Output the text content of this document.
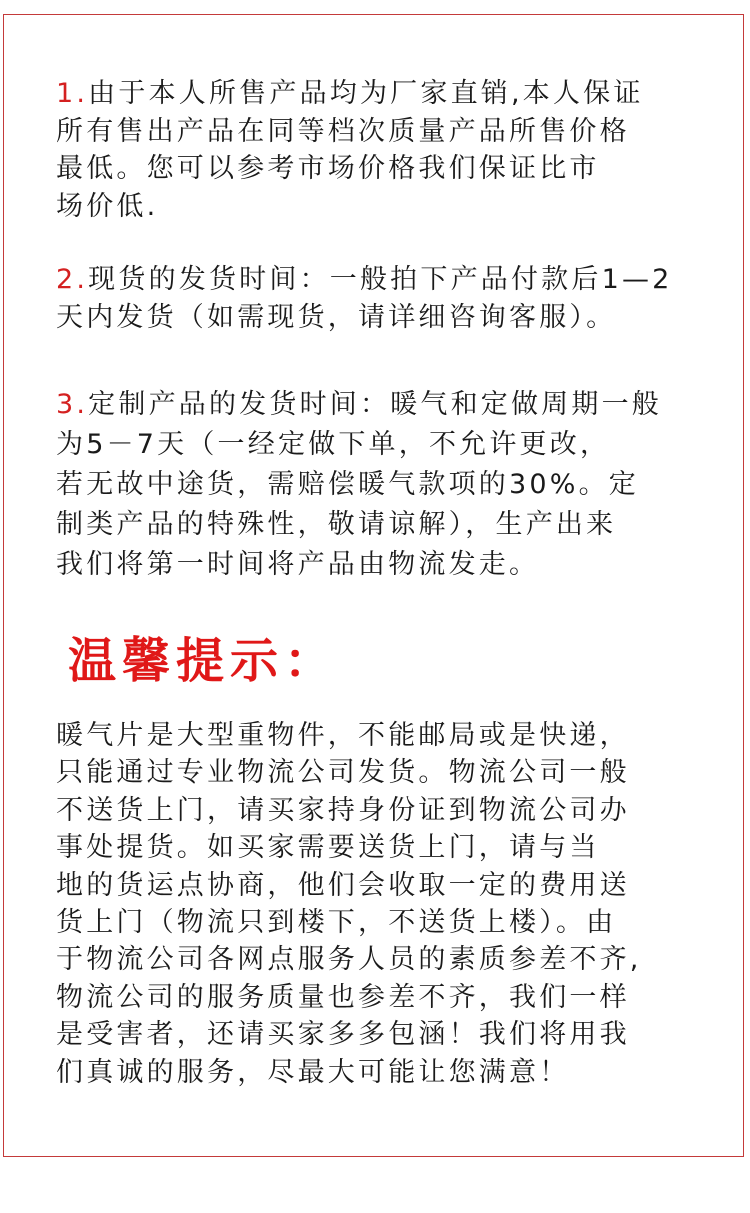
1.由于本人所售产品均为厂家直销,本人保证
所有售出产品在同等档次质量产品所售价格
最低。您可以参考市场价格我们保证比市
场价低.
2.现货的发货时间：一般拍下产品付款后1—2
天内发货（如需现货，请详细咨询客服）。
3.定制产品的发货时间：暖气和定做周期一般
为5－7天（一经定做下单，不允许更改，
若无故中途货，需赔偿暖气款项的30%。定
制类产品的特殊性，敬请谅解），生产出来
我们将第一时间将产品由物流发走。
温馨提示：
暖气片是大型重物件，不能邮局或是快递，
只能通过专业物流公司发货。物流公司一般
不送货上门，请买家持身份证到物流公司办
事处提货。如买家需要送货上门，请与当
地的货运点协商，他们会收取一定的费用送
货上门（物流只到楼下，不送货上楼）。由
于物流公司各网点服务人员的素质参差不齐,
物流公司的服务质量也参差不齐，我们一样
是受害者，还请买家多多包涵！我们将用我
们真诚的服务，尽最大可能让您满意！
